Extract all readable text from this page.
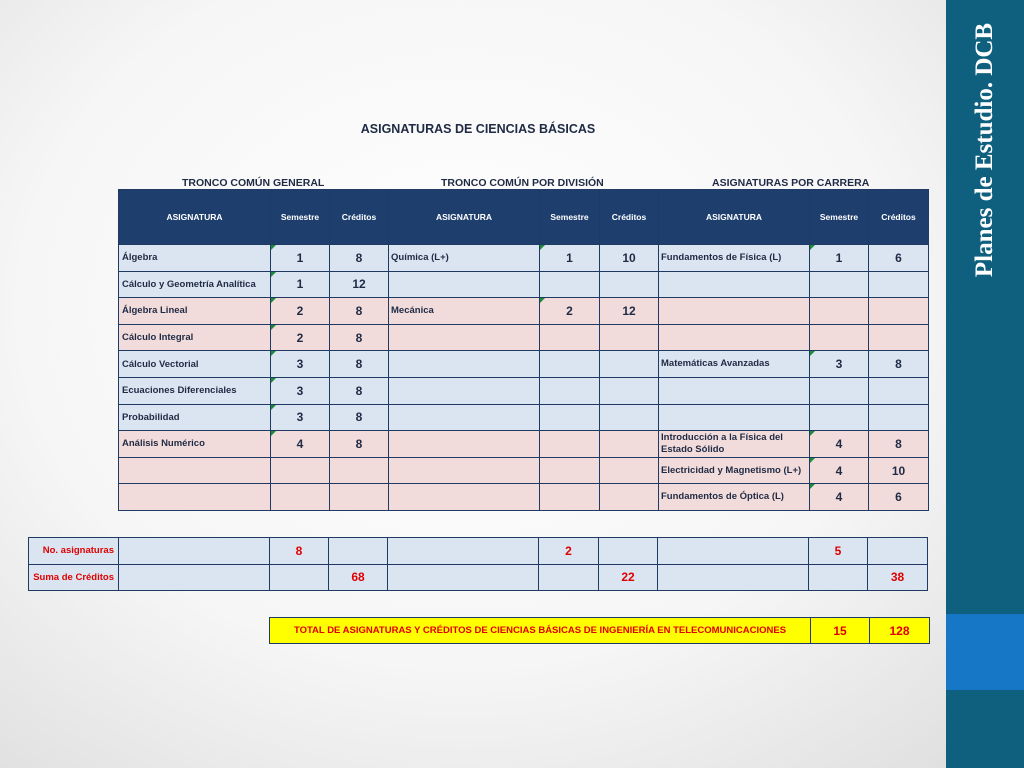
Planes de Estudio. DCB
ASIGNATURAS DE CIENCIAS BÁSICAS
TRONCO COMÚN GENERAL	TRONCO COMÚN POR DIVISIÓN	ASIGNATURAS POR CARRERA
ASIGNATURA	Semestre	Créditos	ASIGNATURA	Semestre	Créditos	ASIGNATURA	Semestre	Créditos
Álgebra	1	8	Química (L+)	1	10	Fundamentos de Física (L)	1	6
Cálculo y Geometría Analítica	1	12						
Álgebra Lineal	2	8	Mecánica	2	12			
Cálculo Integral	2	8						
Cálculo Vectorial	3	8				Matemáticas Avanzadas	3	8
Ecuaciones Diferenciales	3	8						
Probabilidad	3	8						
Análisis Numérico	4	8				Introducción a la Física del Estado Sólido	4	8
						Electricidad y Magnetismo (L+)	4	10
						Fundamentos de Óptica (L)	4	6
No. asignaturas		8			2			5	
Suma de Créditos			68			22			38
TOTAL DE ASIGNATURAS Y CRÉDITOS DE CIENCIAS BÁSICAS DE INGENIERÍA EN TELECOMUNICACIONES	15	128
